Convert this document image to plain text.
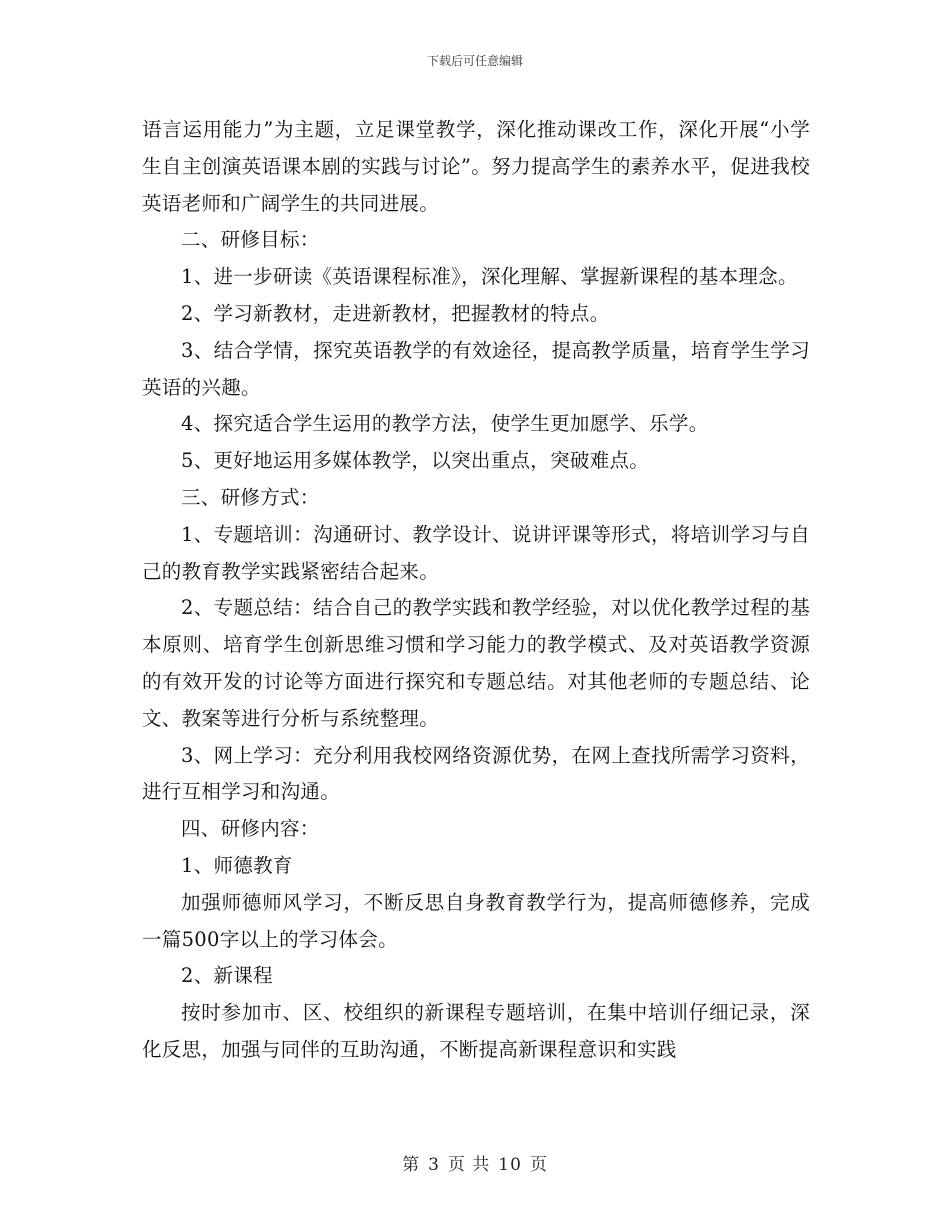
下载后可任意编辑

语言运用能力”为主题，立足课堂教学，深化推动课改工作，深化开展“小学生自主创演英语课本剧的实践与讨论”。努力提高学生的素养水平，促进我校英语老师和广阔学生的共同进展。

二、研修目标：

1、进一步研读《英语课程标准》，深化理解、掌握新课程的基本理念。

2、学习新教材，走进新教材，把握教材的特点。

3、结合学情，探究英语教学的有效途径，提高教学质量，培育学生学习英语的兴趣。

4、探究适合学生运用的教学方法，使学生更加愿学、乐学。

5、更好地运用多媒体教学，以突出重点，突破难点。

三、研修方式：

1、专题培训：沟通研讨、教学设计、说讲评课等形式，将培训学习与自己的教育教学实践紧密结合起来。

2、专题总结：结合自己的教学实践和教学经验，对以优化教学过程的基本原则、培育学生创新思维习惯和学习能力的教学模式、及对英语教学资源的有效开发的讨论等方面进行探究和专题总结。对其他老师的专题总结、论文、教案等进行分析与系统整理。

3、网上学习：充分利用我校网络资源优势，在网上查找所需学习资料，进行互相学习和沟通。

四、研修内容：

1、师德教育

加强师德师风学习，不断反思自身教育教学行为，提高师德修养，完成一篇500字以上的学习体会。

2、新课程

按时参加市、区、校组织的新课程专题培训，在集中培训仔细记录，深化反思，加强与同伴的互助沟通，不断提高新课程意识和实践

第 3 页 共 10 页
